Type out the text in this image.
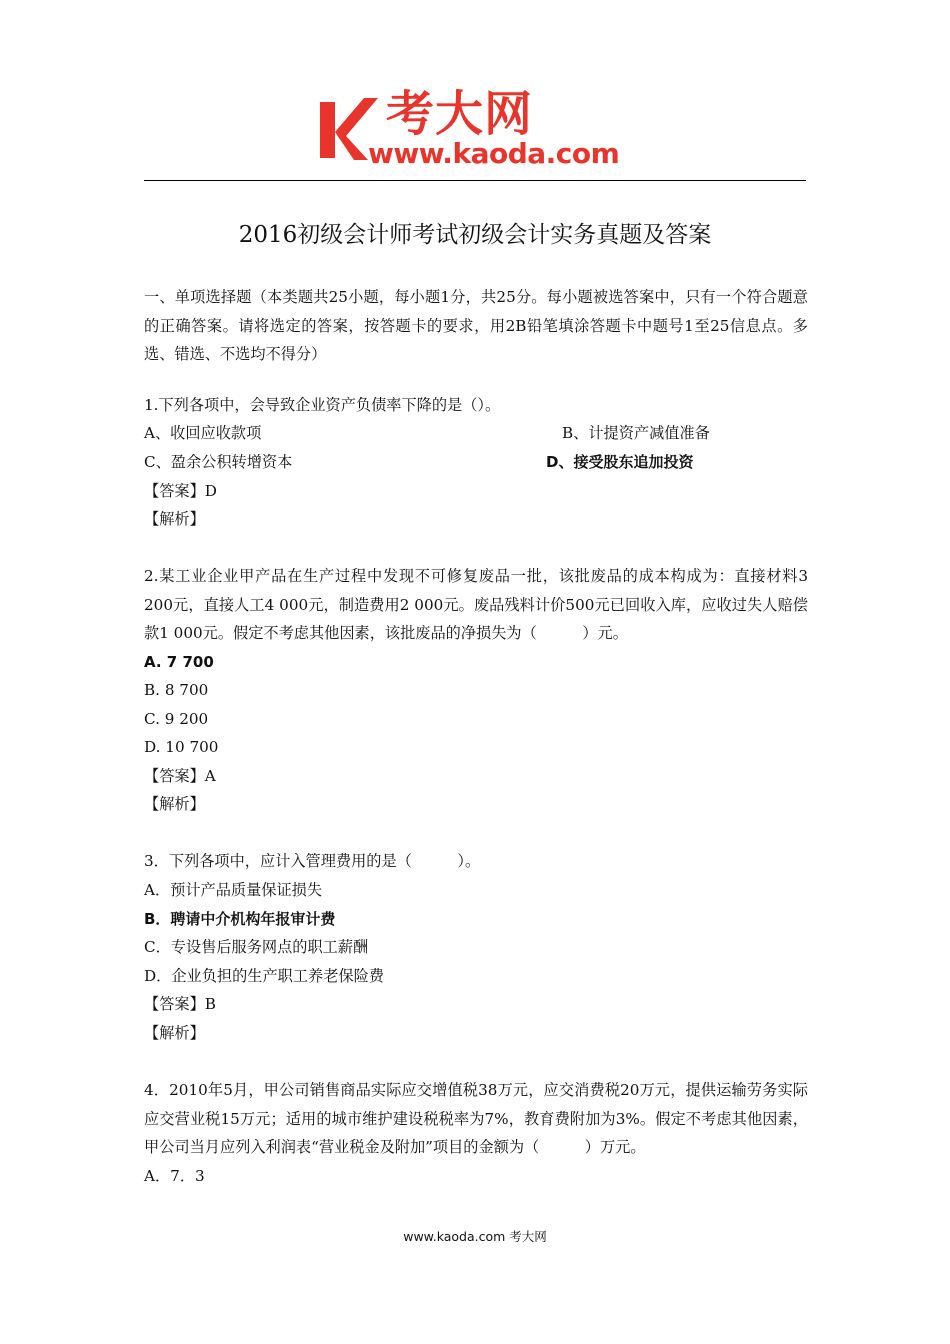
考大网
www.kaoda.com
2016初级会计师考试初级会计实务真题及答案
一、单项选择题（本类题共25小题，每小题1分，共25分。每小题被选答案中，只有一个符合题意的正确答案。请将选定的答案，按答题卡的要求，用2B铅笔填涂答题卡中题号1至25信息点。多选、错选、不选均不得分）
1.下列各项中，会导致企业资产负债率下降的是（）。
A、收回应收款项	B、计提资产减值准备
C、盈余公积转增资本	D、接受股东追加投资
【答案】D
【解析】
2.某工业企业甲产品在生产过程中发现不可修复废品一批，该批废品的成本构成为：直接材料3 200元，直接人工4 000元，制造费用2 000元。废品残料计价500元已回收入库，应收过失人赔偿款1 000元。假定不考虑其他因素，该批废品的净损失为（　　　）元。
A. 7 700
B. 8 700
C. 9 200
D. 10 700
【答案】A
【解析】
3．下列各项中，应计入管理费用的是（　　　）。
A．预计产品质量保证损失
B．聘请中介机构年报审计费
C．专设售后服务网点的职工薪酬
D．企业负担的生产职工养老保险费
【答案】B
【解析】
4．2010年5月，甲公司销售商品实际应交增值税38万元，应交消费税20万元，提供运输劳务实际应交营业税15万元；适用的城市维护建设税税率为7%，教育费附加为3%。假定不考虑其他因素，甲公司当月应列入利润表“营业税金及附加”项目的金额为（　　　）万元。
A．7．3
www.kaoda.com 考大网
